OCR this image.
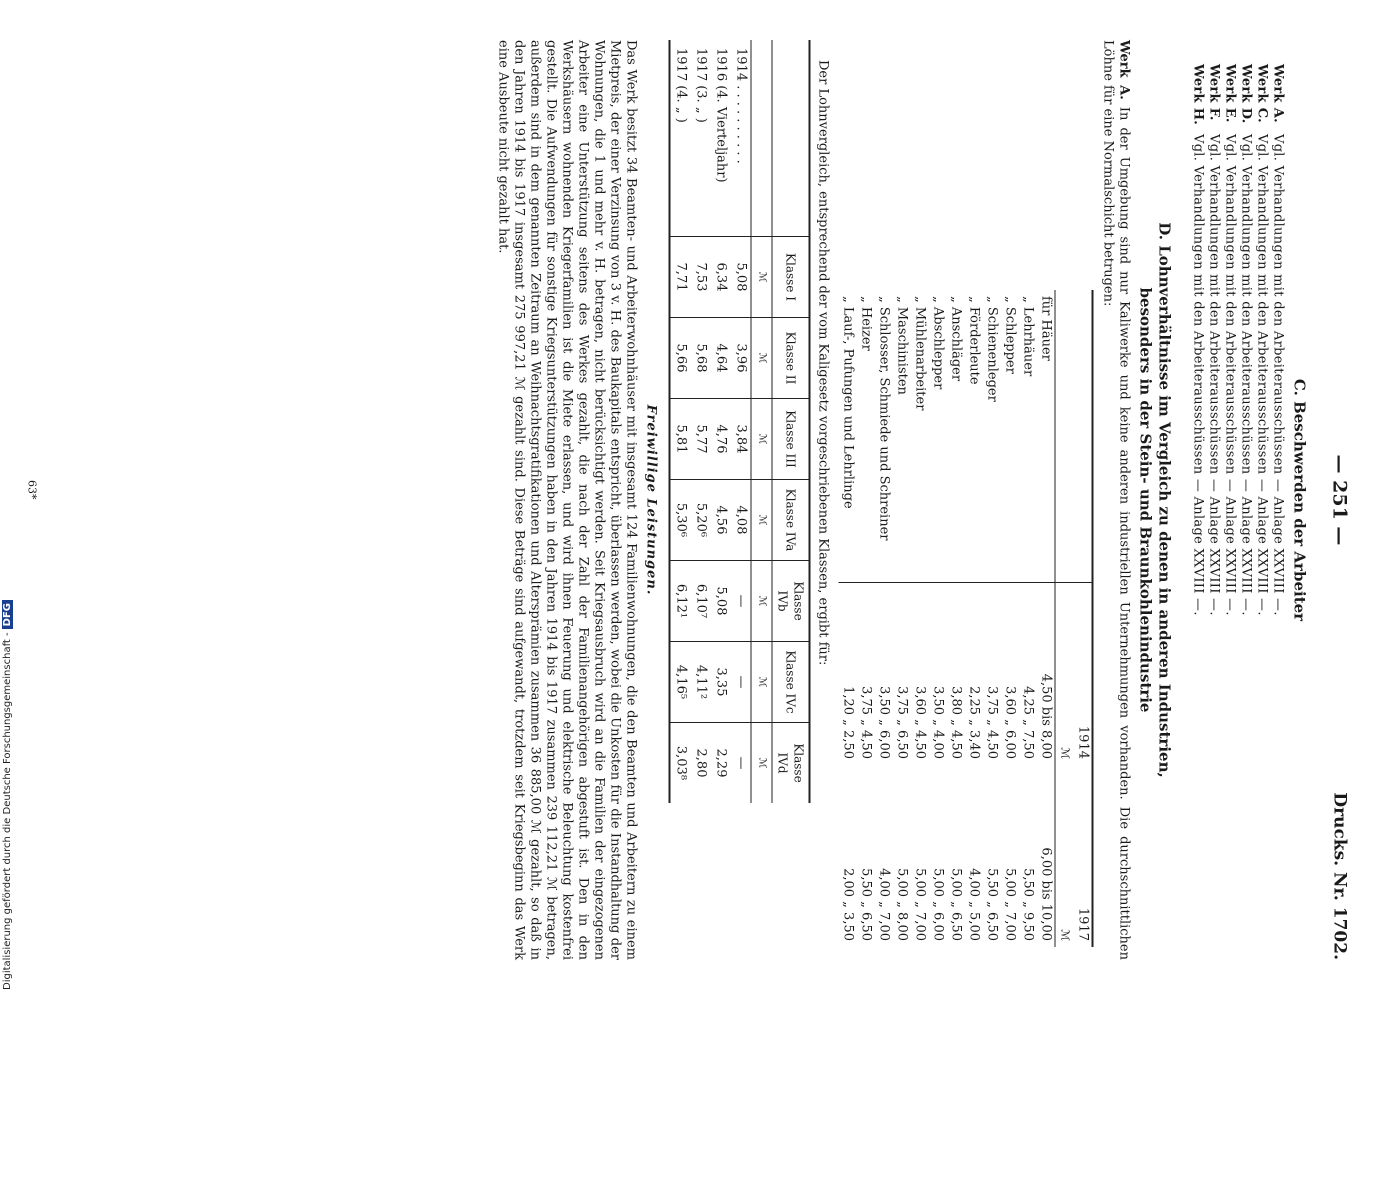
— 251 —
Drucks. Nr. 1702.
C. Beschwerden der Arbeiter
Werk A.Vgl. Verhandlungen mit den Arbeiterausschüssen — Anlage XXVIII —.
Werk C.Vgl. Verhandlungen mit den Arbeiterausschüssen — Anlage XXVIII —.
Werk D.Vgl. Verhandlungen mit den Arbeiterausschüssen — Anlage XXVIII —.
Werk E.Vgl. Verhandlungen mit den Arbeiterausschüssen — Anlage XXVIII —.
Werk F.Vgl. Verhandlungen mit den Arbeiterausschüssen — Anlage XXVIII —.
Werk H.Vgl. Verhandlungen mit den Arbeiterausschüssen — Anlage XXVIII —.
D. Lohnverhältnisse im Vergleich zu denen in anderen Industrien,
besonders in der Stein- und Braunkohlenindustrie
Werk A. In der Umgebung sind nur Kaliwerke und keine anderen industriellen Unternehmungen vorhanden. Die durchschnittlichen Löhne für eine Normalschicht betrugen:
	1914	1917
	ℳ	ℳ
für Häuer	4,50 bis 8,00	6,00 bis 10,00
„ Lehrhäuer	4,25 „ 7,50	5,50 „ 9,50
„ Schlepper	3,60 „ 6,00	5,00 „ 7,00
„ Schienenleger	3,75 „ 4,50	5,50 „ 6,50
„ Förderleute	2,25 „ 3,40	4,00 „ 5,00
„ Anschläger	3,80 „ 4,50	5,00 „ 6,50
„ Abschlepper	3,50 „ 4,00	5,00 „ 6,00
„ Mühlenarbeiter	3,60 „ 4,50	5,00 „ 7,00
„ Maschinisten	3,75 „ 6,50	5,00 „ 8,00
„ Schlosser, Schmiede und Schreiner	3,50 „ 6,00	4,00 „ 7,00
„ Heizer	3,75 „ 4,50	5,50 „ 6,50
„ Lauf-, Pufungen und Lehrlinge	1,20 „ 2,50	2,00 „ 3,50
Der Lohnvergleich, entsprechend der vom Kaligesetz vorgeschriebenen Klassen, ergibt für:
	Klasse I	Klasse II	Klasse III	Klasse IVa	Klasse IVb	Klasse IVc	Klasse IVd
	ℳ	ℳ	ℳ	ℳ	ℳ	ℳ	ℳ
1914 . . . . . . . . . .	5,08	3,96	3,84	4,08	—	—	—
1916 (4. Vierteljahr)	6,34	4,64	4,76	4,56	5,08	3,35	2,29
1917 (3. „ )	7,53	5,68	5,77	5,20⁶	6,10⁷	4,11²	2,80
1917 (4. „ )	7,71	5,66	5,81	5,30⁶	6,12¹	4,16⁵	3,03⁸
Freiwillige Leistungen.
Das Werk besitzt 34 Beamten- und Arbeiterwohnhäuser mit insgesamt 124 Familienwohnungen, die den Beamten und Arbeitern zu einem Mietpreis, der einer Verzinsung von 3 v. H. des Baukapitals entspricht, überlassen werden, wobei die Unkosten für die Instandhaltung der Wohnungen, die 1 und mehr v. H. betragen, nicht berücksichtigt werden. Seit Kriegsausbruch wird an die Familien der eingezogenen Arbeiter eine Unterstützung seitens des Werkes gezahlt, die nach der Zahl der Familienangehörigen abgestuft ist. Den in den Werkshäusern wohnenden Kriegerfamilien ist die Miete erlassen, und wird ihnen Feuerung und elektrische Beleuchtung kostenfrei gestellt. Die Aufwendungen für sonstige Kriegsunterstützungen haben in den Jahren 1914 bis 1917 zusammen 239 112,21 ℳ betragen, außerdem sind in dem genannten Zeitraum an Weihnachtsgratifikationen und Altersprämien zusammen 36 885,00 ℳ gezahlt, so daß in den Jahren 1914 bis 1917 insgesamt 275 997,21 ℳ gezahlt sind. Diese Beträge sind aufgewandt, trotzdem seit Kriegsbeginn das Werk eine Ausbeute nicht gezahlt hat.
63*
Digitalisierung gefördert durch die Deutsche Forschungsgemeinschaft -DFG
